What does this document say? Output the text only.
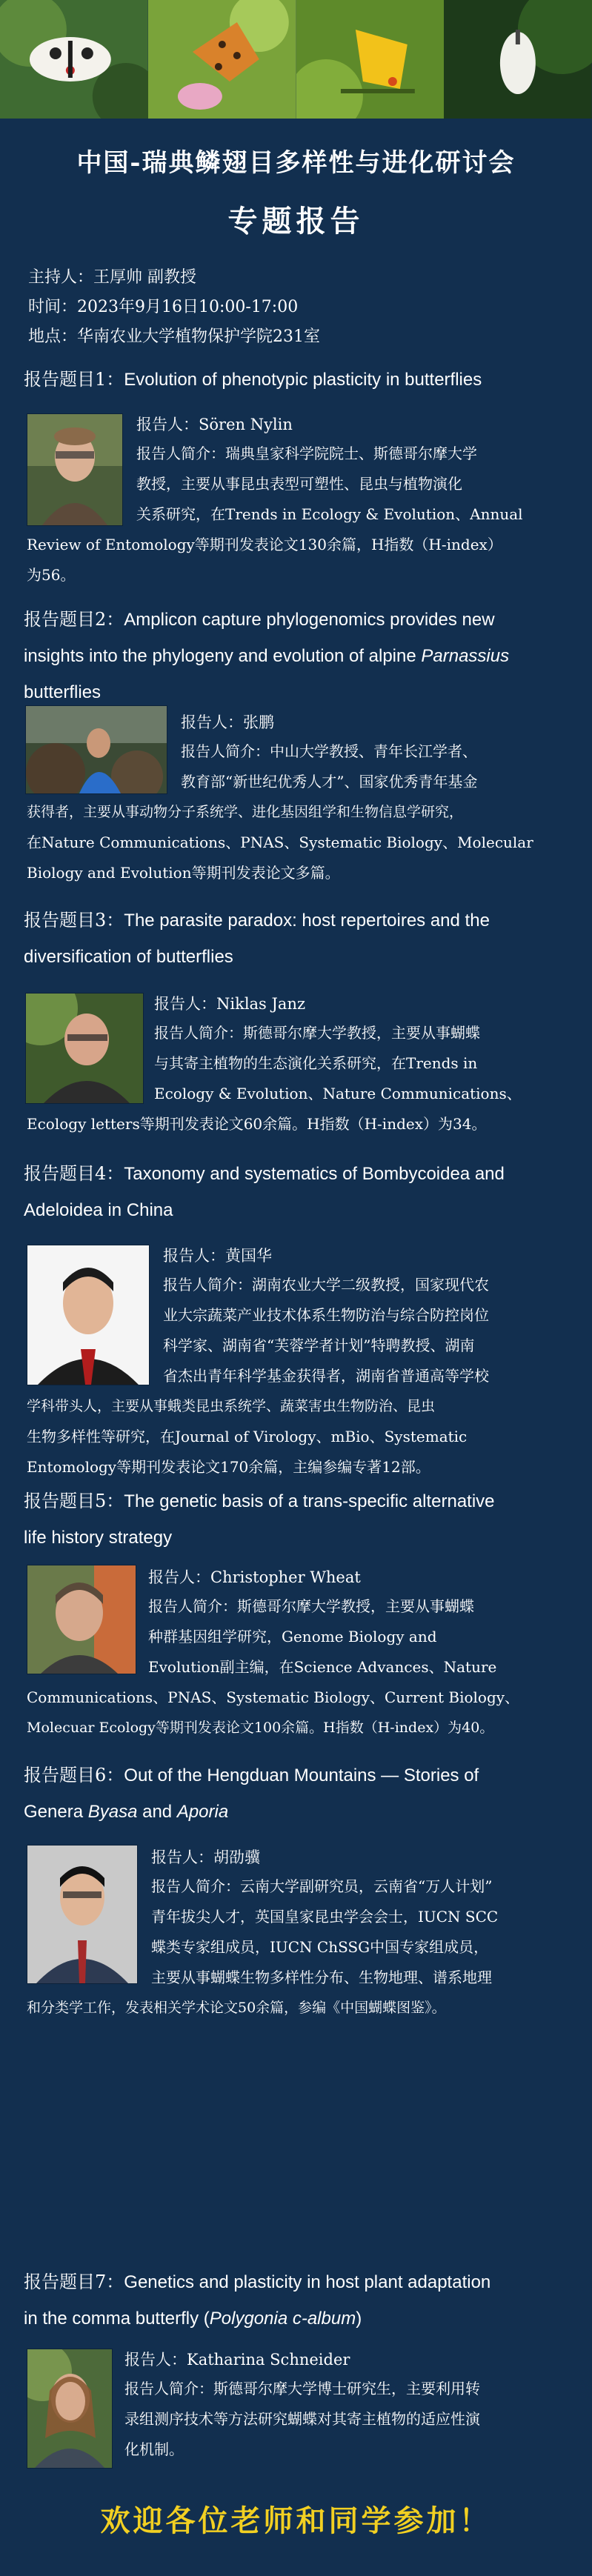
中国-瑞典鳞翅目多样性与进化研讨会
专题报告
主持人：王厚帅 副教授
时间：2023年9月16日10:00-17:00
地点：华南农业大学植物保护学院231室
报告题目1：Evolution of phenotypic plasticity in butterflies
报告人：Sören Nylin
报告人简介：瑞典皇家科学院院士、斯德哥尔摩大学
教授，主要从事昆虫表型可塑性、昆虫与植物演化
关系研究，在Trends in Ecology & Evolution、Annual
Review of Entomology等期刊发表论文130余篇，H指数（H-index）
为56。
报告题目2：Amplicon capture phylogenomics provides new
insights into the phylogeny and evolution of alpine Parnassius
butterflies
报告人：张鹏
报告人简介：中山大学教授、青年长江学者、
教育部“新世纪优秀人才”、国家优秀青年基金
获得者，主要从事动物分子系统学、进化基因组学和生物信息学研究，
在Nature Communications、PNAS、Systematic Biology、Molecular
Biology and Evolution等期刊发表论文多篇。
报告题目3：The parasite paradox: host repertoires and the
diversification of butterflies
报告人：Niklas Janz
报告人简介：斯德哥尔摩大学教授，主要从事蝴蝶
与其寄主植物的生态演化关系研究，在Trends in
Ecology & Evolution、Nature Communications、
Ecology letters等期刊发表论文60余篇。H指数（H-index）为34。
报告题目4：Taxonomy and systematics of Bombycoidea and
Adeloidea in China
报告人：黄国华
报告人简介：湖南农业大学二级教授，国家现代农
业大宗蔬菜产业技术体系生物防治与综合防控岗位
科学家、湖南省“芙蓉学者计划”特聘教授、湖南
省杰出青年科学基金获得者，湖南省普通高等学校
学科带头人，主要从事蛾类昆虫系统学、蔬菜害虫生物防治、昆虫
生物多样性等研究，在Journal of Virology、mBio、Systematic
Entomology等期刊发表论文170余篇，主编参编专著12部。
报告题目5：The genetic basis of a trans-specific alternative
life history strategy
报告人：Christopher Wheat
报告人简介：斯德哥尔摩大学教授，主要从事蝴蝶
种群基因组学研究，Genome Biology and
Evolution副主编，在Science Advances、Nature
Communications、PNAS、Systematic Biology、Current Biology、
Molecuar Ecology等期刊发表论文100余篇。H指数（H-index）为40。
报告题目6：Out of the Hengduan Mountains — Stories of
Genera Byasa and Aporia
报告人：胡劭骥
报告人简介：云南大学副研究员，云南省“万人计划”
青年拔尖人才，英国皇家昆虫学会会士，IUCN SCC
蝶类专家组成员，IUCN ChSSG中国专家组成员，
主要从事蝴蝶生物多样性分布、生物地理、谱系地理
和分类学工作，发表相关学术论文50余篇，参编《中国蝴蝶图鉴》。
报告题目7：Genetics and plasticity in host plant adaptation
in the comma butterfly (Polygonia c-album)
报告人：Katharina Schneider
报告人简介：斯德哥尔摩大学博士研究生，主要利用转
录组测序技术等方法研究蝴蝶对其寄主植物的适应性演
化机制。
欢迎各位老师和同学参加！
